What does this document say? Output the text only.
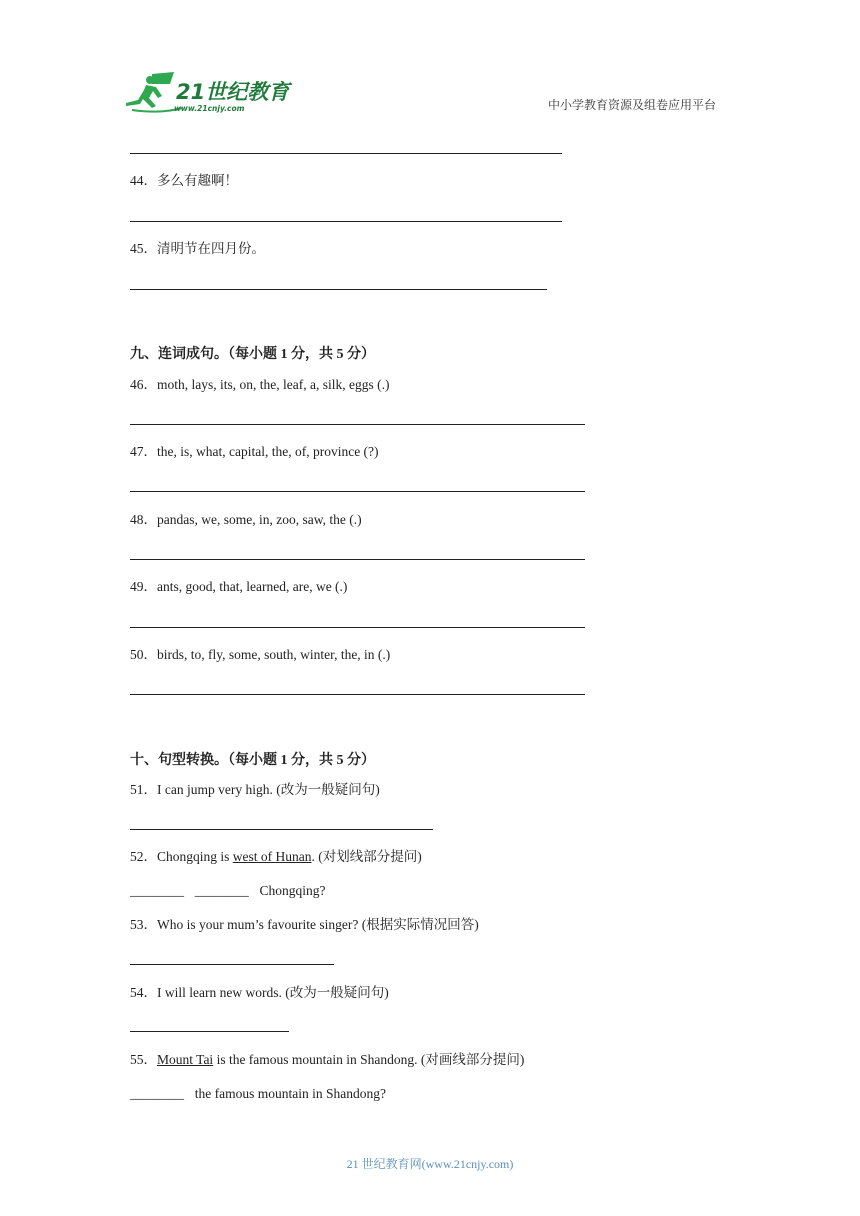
21世纪教育
www.21cnjy.com	中小学教育资源及组卷应用平台
44．多么有趣啊！
45．清明节在四月份。
九、连词成句。（每小题 1 分，共 5 分）
46．moth, lays, its, on, the, leaf, a, silk, eggs (.)
47．the, is, what, capital, the, of, province (?)
48．pandas, we, some, in, zoo, saw, the (.)
49．ants, good, that, learned, are, we (.)
50．birds, to, fly, some, south, winter, the, in (.)
十、句型转换。（每小题 1 分，共 5 分）
51．I can jump very high. (改为一般疑问句)
52．Chongqing is west of Hunan. (对划线部分提问)
________ ________ Chongqing?
53．Who is your mum’s favourite singer? (根据实际情况回答)
54．I will learn new words. (改为一般疑问句)
55．Mount Tai is the famous mountain in Shandong. (对画线部分提问)
________ the famous mountain in Shandong?
21 世纪教育网(www.21cnjy.com)
